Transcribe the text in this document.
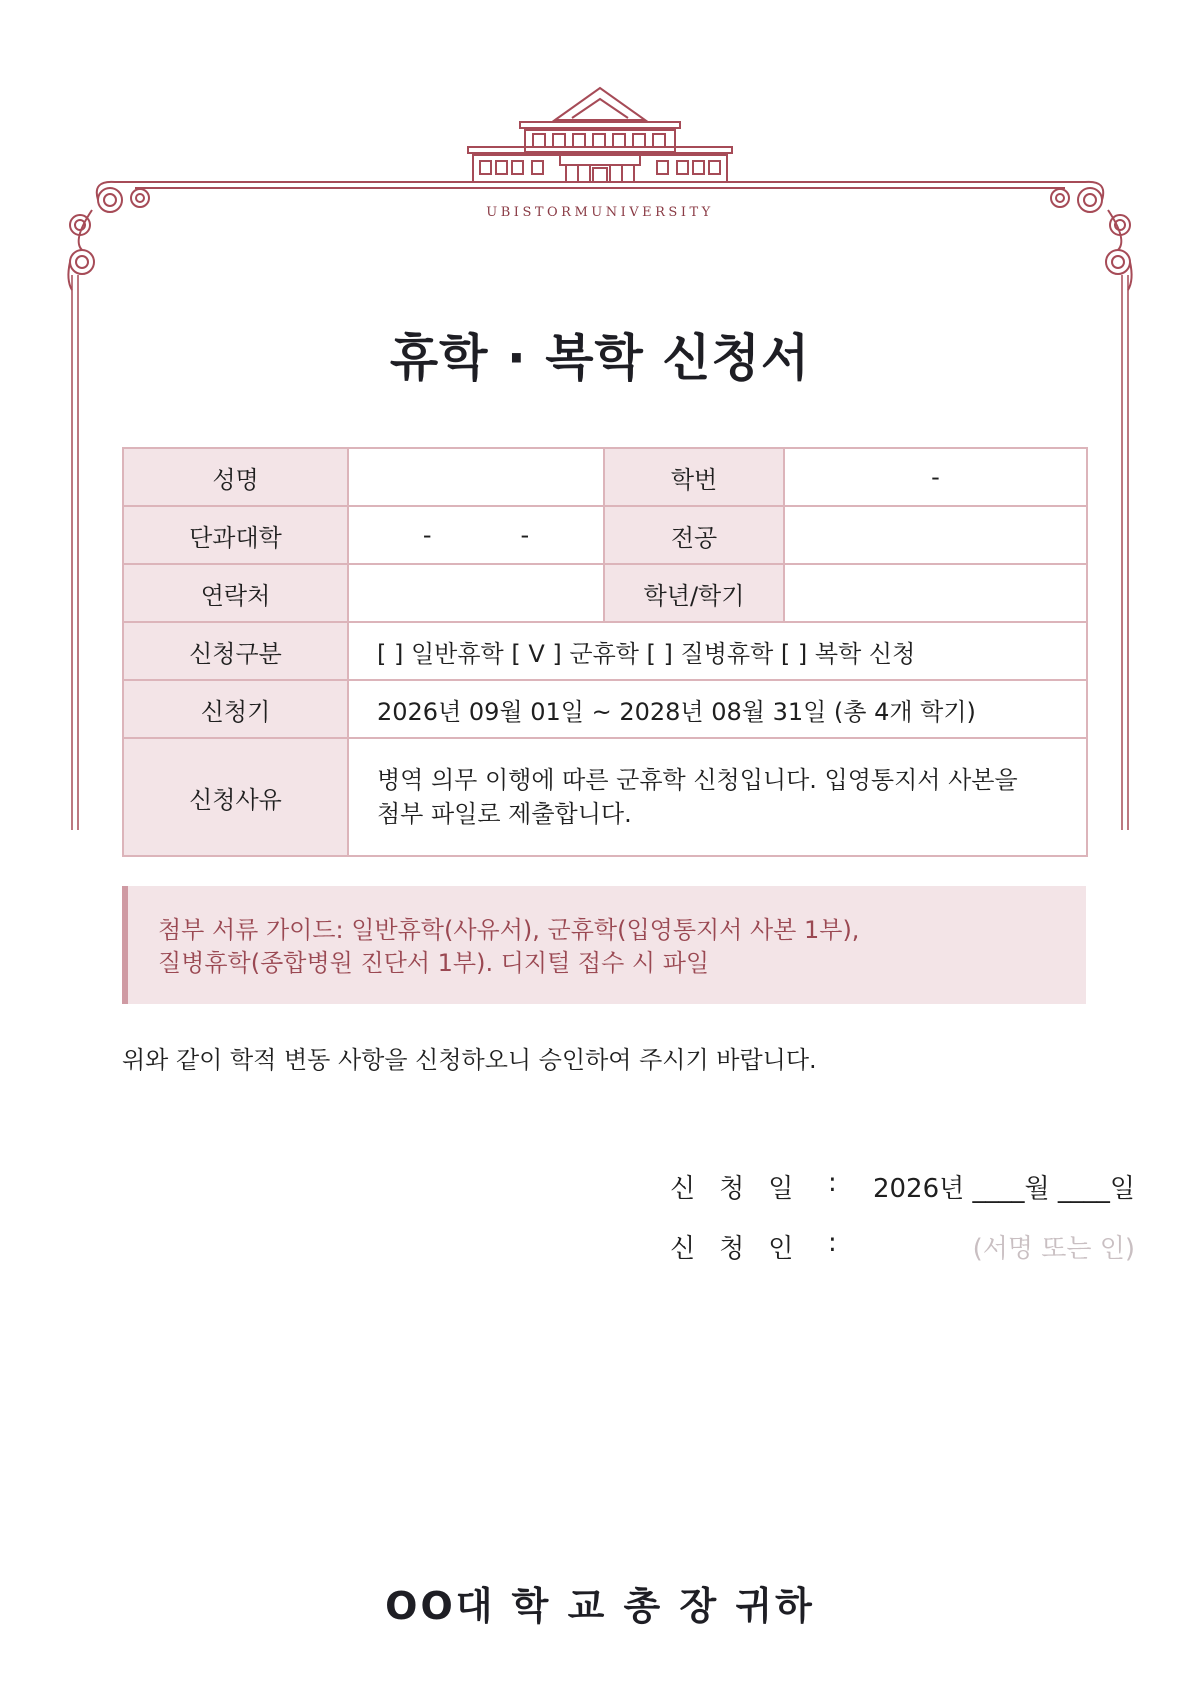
UBISTORMUNIVERSITY
휴학 · 복학 신청서
성명		학번	-
단과대학	- -	전공	
연락처		학년/학기	
신청구분	[ ] 일반휴학 [ V ] 군휴학 [ ] 질병휴학 [ ] 복학 신청		
신청기	2026년 09월 01일 ~ 2028년 08월 31일 (총 4개 학기)		
신청사유	병역 의무 이행에 따른 군휴학 신청입니다. 입영통지서 사본을
첨부 파일로 제출합니다.		
첨부 서류 가이드: 일반휴학(사유서), 군휴학(입영통지서 사본 1부),
질병휴학(종합병원 진단서 1부). 디지털 접수 시 파일
위와 같이 학적 변동 사항을 신청하오니 승인하여 주시기 바랍니다.
신청일 : 2026년 ____월 ____일
신청인 :	(서명 또는 인)
OO대 학 교 총 장 귀하
